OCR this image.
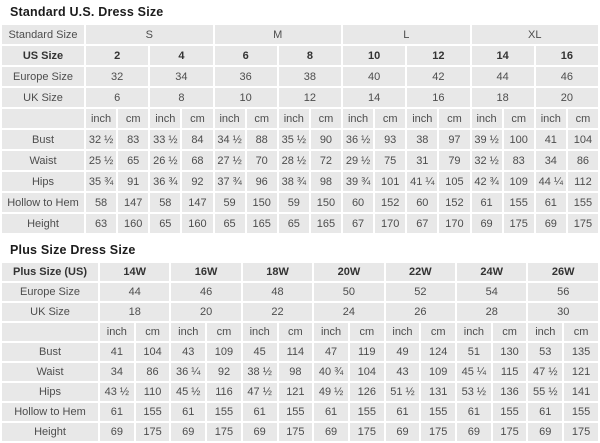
Standard U.S. Dress Size
Standard Size	S				M				L				XL			
US Size	2		4		6		8		10		12		14		16	
Europe Size	32		34		36		38		40		42		44		46	
UK Size	6		8		10		12		14		16		18		20	
	inch	cm	inch	cm	inch	cm	inch	cm	inch	cm	inch	cm	inch	cm	inch	cm
Bust	32 ½	83	33 ½	84	34 ½	88	35 ½	90	36 ½	93	38	97	39 ½	100	41	104
Waist	25 ½	65	26 ½	68	27 ½	70	28 ½	72	29 ½	75	31	79	32 ½	83	34	86
Hips	35 ¾	91	36 ¾	92	37 ¾	96	38 ¾	98	39 ¾	101	41 ¼	105	42 ¾	109	44 ¼	112
Hollow to Hem	58	147	58	147	59	150	59	150	60	152	60	152	61	155	61	155
Height	63	160	65	160	65	165	65	165	67	170	67	170	69	175	69	175
Plus Size Dress Size
Plus Size (US)	14W		16W		18W		20W		22W		24W		26W	
Europe Size	44		46		48		50		52		54		56	
UK Size	18		20		22		24		26		28		30	
	inch	cm	inch	cm	inch	cm	inch	cm	inch	cm	inch	cm	inch	cm
Bust	41	104	43	109	45	114	47	119	49	124	51	130	53	135
Waist	34	86	36 ¼	92	38 ½	98	40 ¾	104	43	109	45 ¼	115	47 ½	121
Hips	43 ½	110	45 ½	116	47 ½	121	49 ½	126	51 ½	131	53 ½	136	55 ½	141
Hollow to Hem	61	155	61	155	61	155	61	155	61	155	61	155	61	155
Height	69	175	69	175	69	175	69	175	69	175	69	175	69	175
